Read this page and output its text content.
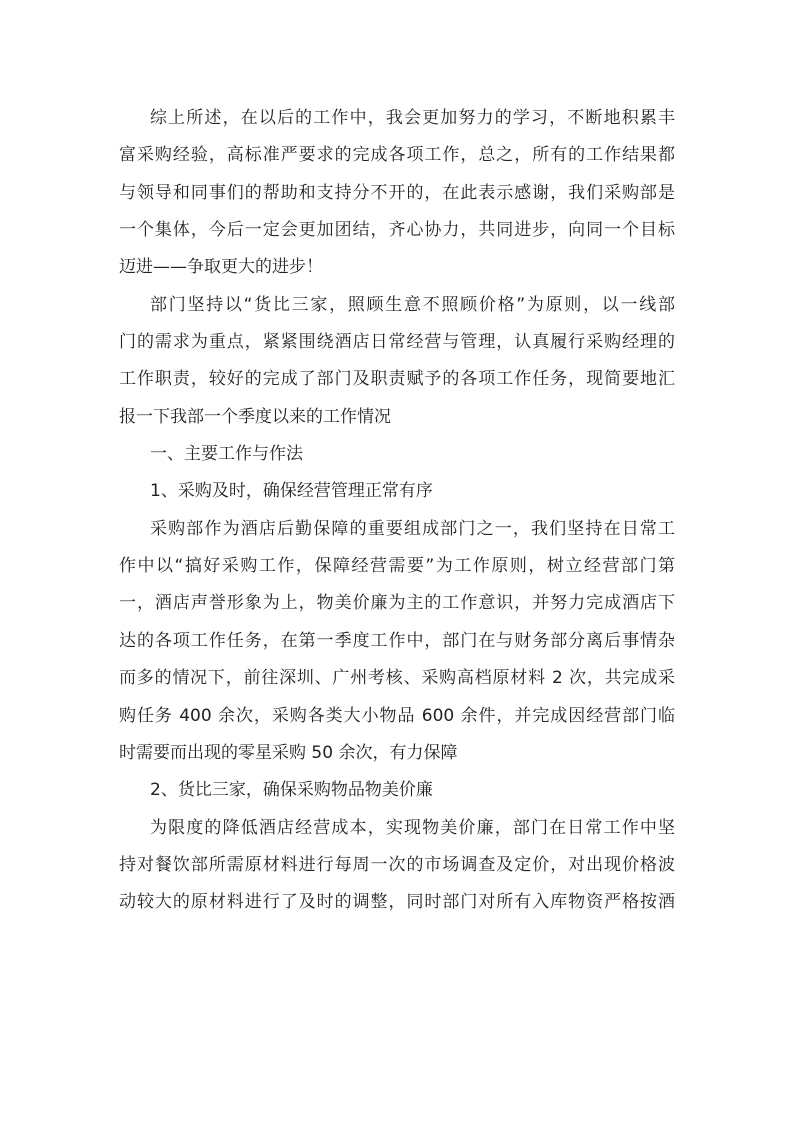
综上所述，在以后的工作中，我会更加努力的学习，不断地积累丰
富采购经验，高标准严要求的完成各项工作，总之，所有的工作结果都
与领导和同事们的帮助和支持分不开的，在此表示感谢，我们采购部是
一个集体，今后一定会更加团结，齐心协力，共同进步，向同一个目标
迈进——争取更大的进步！
部门坚持以“货比三家，照顾生意不照顾价格”为原则，以一线部
门的需求为重点，紧紧围绕酒店日常经营与管理，认真履行采购经理的
工作职责，较好的完成了部门及职责赋予的各项工作任务，现简要地汇
报一下我部一个季度以来的工作情况
一、主要工作与作法
1、采购及时，确保经营管理正常有序
采购部作为酒店后勤保障的重要组成部门之一，我们坚持在日常工
作中以“搞好采购工作，保障经营需要”为工作原则，树立经营部门第
一，酒店声誉形象为上，物美价廉为主的工作意识，并努力完成酒店下
达的各项工作任务，在第一季度工作中，部门在与财务部分离后事情杂
而多的情况下，前往深圳、广州考核、采购高档原材料 2 次，共完成采
购任务 400 余次，采购各类大小物品 600 余件，并完成因经营部门临
时需要而出现的零星采购 50 余次，有力保障
2、货比三家，确保采购物品物美价廉
为限度的降低酒店经营成本，实现物美价廉，部门在日常工作中坚
持对餐饮部所需原材料进行每周一次的市场调查及定价，对出现价格波
动较大的原材料进行了及时的调整，同时部门对所有入库物资严格按酒
